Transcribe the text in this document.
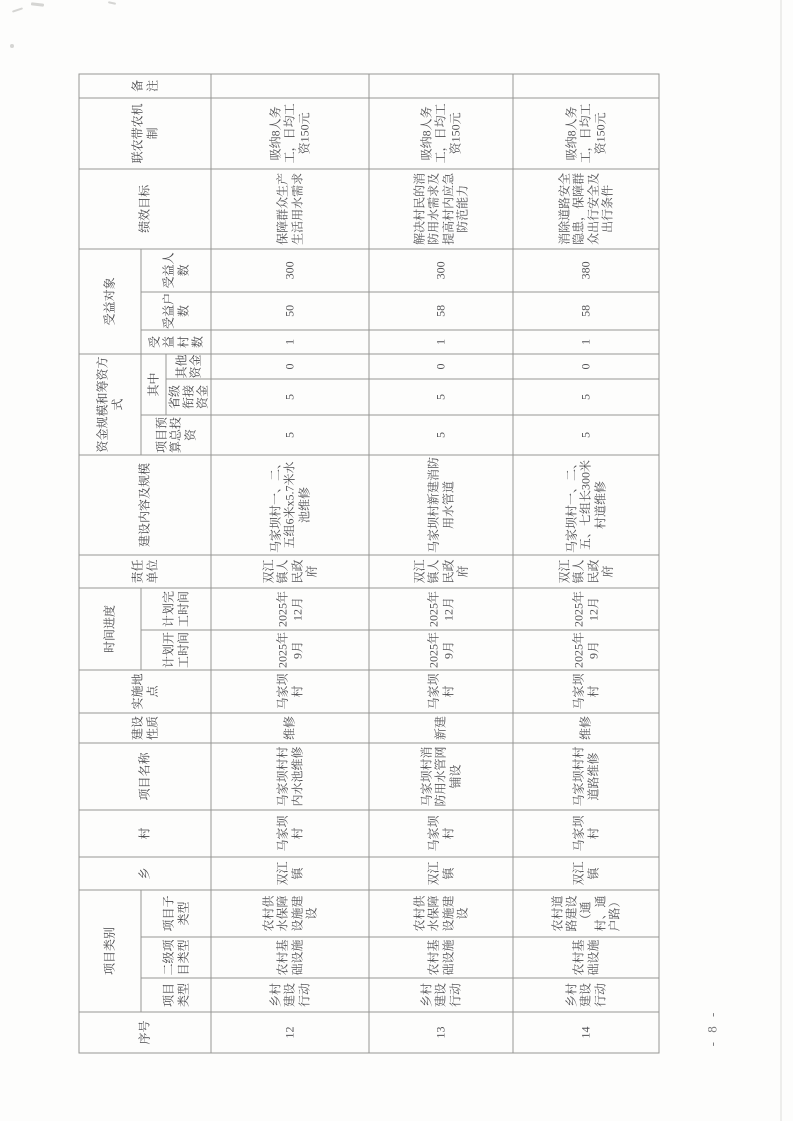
序号	项目类别			乡	村	项目名称	建设性质	实施地点	时间进度		责任单位	建设内容及规模	资金规模和筹资方式			受益对象			绩效目标	联农带农机制	备注
	项目类型	二级项目类型	项目子类型						计划开工时间	计划完工时间			项目预算总投资	其中		受益村数	受益户数	受益人数			
														省级衔接资金	其他资金						
12	乡村建设行动	农村基础设施	农村供水保障设施建设	双江镇	马家坝村	马家坝村村内水池维修	维修	马家坝村	2025年9月	2025年12月	双江镇人民政府	马家坝村一、二、五组6米x5.7米水池维修	5	5	0	1	50	300	保障群众生产生活用水需求	吸纳8人务工，日均工资150元	
13	乡村建设行动	农村基础设施	农村供水保障设施建设	双江镇	马家坝村	马家坝村消防用水管网铺设	新建	马家坝村	2025年9月	2025年12月	双江镇人民政府	马家坝村新建消防用水管道	5	5	0	1	58	300	解决村民的消防用水需求及提高村内应急防范能力	吸纳8人务工，日均工资150元	
14	乡村建设行动	农村基础设施	农村道路建设（通村、通户路）	双江镇	马家坝村	马家坝村村道路维修	维修	马家坝村	2025年9月	2025年12月	双江镇人民政府	马家坝村一、二、五、七组长300米村道维修	5	5	0	1	58	380	消除道路安全隐患，保障群众出行安全及出行条件	吸纳8人务工，日均工资150元	
- 8 -
